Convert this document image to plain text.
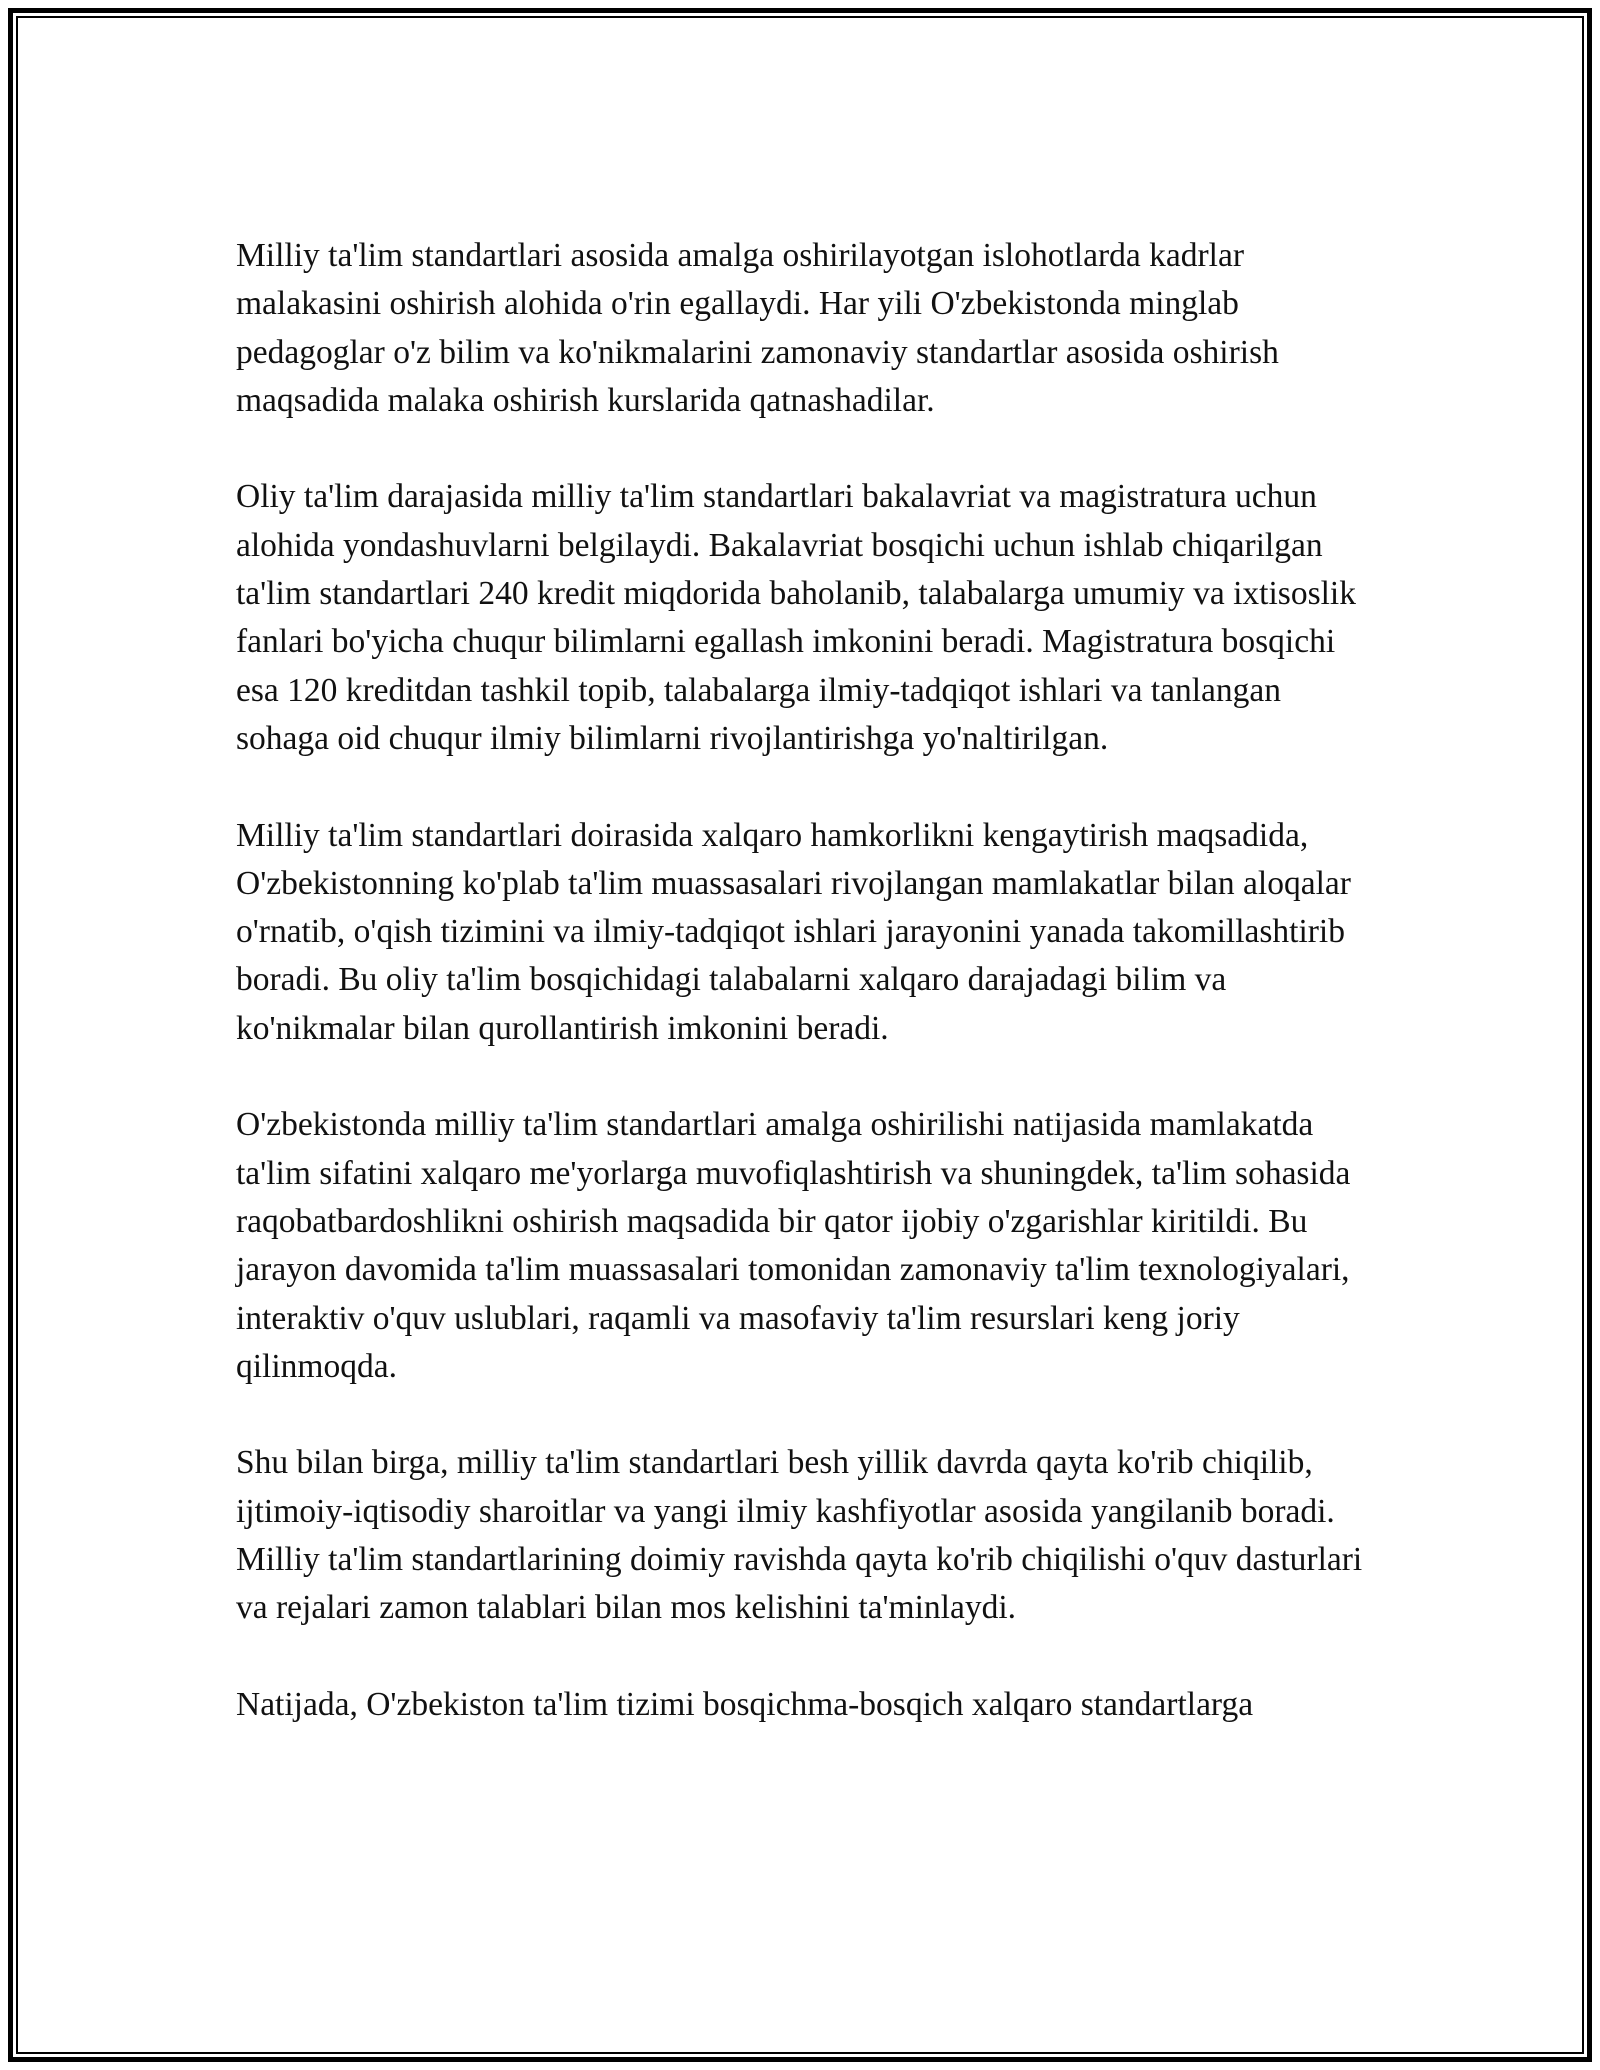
Milliy ta'lim standartlari asosida amalga oshirilayotgan islohotlarda kadrlar malakasini oshirish alohida o'rin egallaydi. Har yili O'zbekistonda minglab pedagoglar o'z bilim va ko'nikmalarini zamonaviy standartlar asosida oshirish maqsadida malaka oshirish kurslarida qatnashadilar.

Oliy ta'lim darajasida milliy ta'lim standartlari bakalavriat va magistratura uchun alohida yondashuvlarni belgilaydi. Bakalavriat bosqichi uchun ishlab chiqarilgan ta'lim standartlari 240 kredit miqdorida baholanib, talabalarga umumiy va ixtisoslik fanlari bo'yicha chuqur bilimlarni egallash imkonini beradi. Magistratura bosqichi esa 120 kreditdan tashkil topib, talabalarga ilmiy-tadqiqot ishlari va tanlangan sohaga oid chuqur ilmiy bilimlarni rivojlantirishga yo'naltirilgan.

Milliy ta'lim standartlari doirasida xalqaro hamkorlikni kengaytirish maqsadida, O'zbekistonning ko'plab ta'lim muassasalari rivojlangan mamlakatlar bilan aloqalar o'rnatib, o'qish tizimini va ilmiy-tadqiqot ishlari jarayonini yanada takomillashtirib boradi. Bu oliy ta'lim bosqichidagi talabalarni xalqaro darajadagi bilim va ko'nikmalar bilan qurollantirish imkonini beradi.

O'zbekistonda milliy ta'lim standartlari amalga oshirilishi natijasida mamlakatda ta'lim sifatini xalqaro me'yorlarga muvofiqlashtirish va shuningdek, ta'lim sohasida raqobatbardoshlikni oshirish maqsadida bir qator ijobiy o'zgarishlar kiritildi. Bu jarayon davomida ta'lim muassasalari tomonidan zamonaviy ta'lim texnologiyalari, interaktiv o'quv uslublari, raqamli va masofaviy ta'lim resurslari keng joriy qilinmoqda.

Shu bilan birga, milliy ta'lim standartlari besh yillik davrda qayta ko'rib chiqilib, ijtimoiy-iqtisodiy sharoitlar va yangi ilmiy kashfiyotlar asosida yangilanib boradi. Milliy ta'lim standartlarining doimiy ravishda qayta ko'rib chiqilishi o'quv dasturlari va rejalari zamon talablari bilan mos kelishini ta'minlaydi.

Natijada, O'zbekiston ta'lim tizimi bosqichma-bosqich xalqaro standartlarga
